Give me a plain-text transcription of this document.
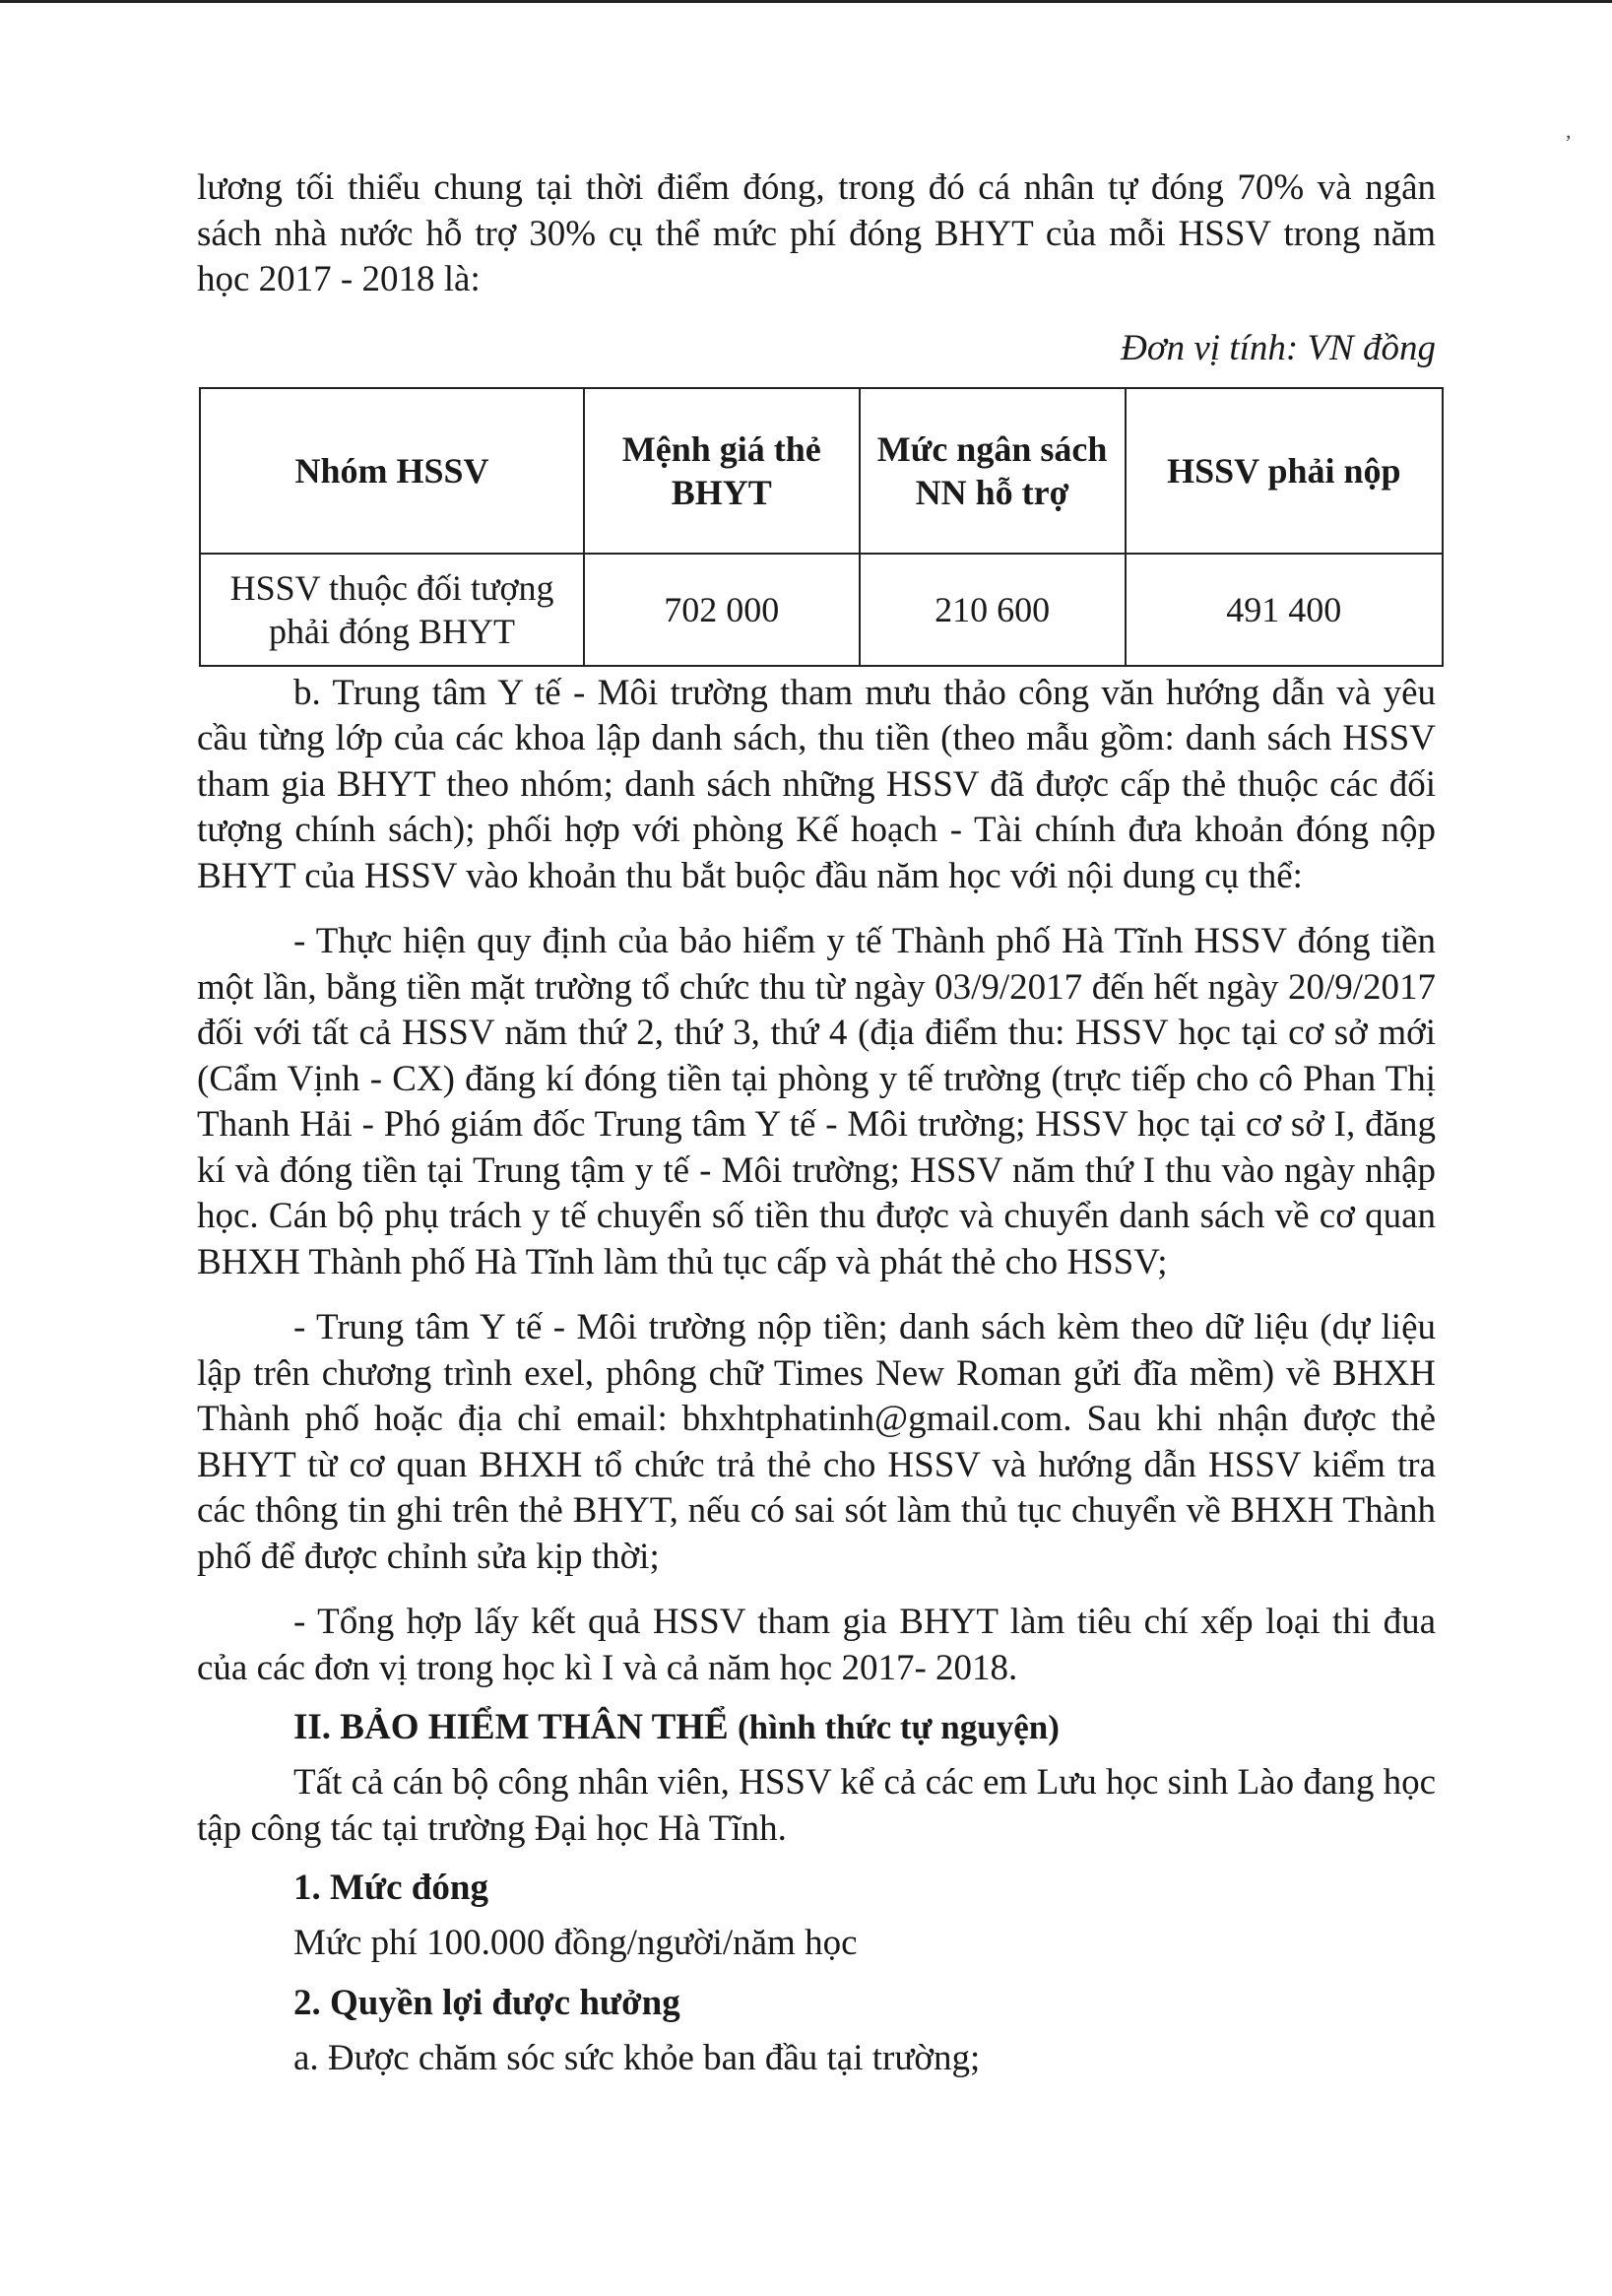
,

lương tối thiểu chung tại thời điểm đóng, trong đó cá nhân tự đóng 70% và ngân sách nhà nước hỗ trợ 30% cụ thể mức phí đóng BHYT của mỗi HSSV trong năm học 2017 - 2018 là:

Đơn vị tính: VN đồng

Nhóm HSSV	Mệnh giá thẻ BHYT	Mức ngân sách NN hỗ trợ	HSSV phải nộp
HSSV thuộc đối tượng phải đóng BHYT	702 000	210 600	491 400

b. Trung tâm Y tế - Môi trường tham mưu thảo công văn hướng dẫn và yêu cầu từng lớp của các khoa lập danh sách, thu tiền (theo mẫu gồm: danh sách HSSV tham gia BHYT theo nhóm; danh sách những HSSV đã được cấp thẻ thuộc các đối tượng chính sách); phối hợp với phòng Kế hoạch - Tài chính đưa khoản đóng nộp BHYT của HSSV vào khoản thu bắt buộc đầu năm học với nội dung cụ thể:

- Thực hiện quy định của bảo hiểm y tế Thành phố Hà Tĩnh HSSV đóng tiền một lần, bằng tiền mặt trường tổ chức thu từ ngày 03/9/2017 đến hết ngày 20/9/2017 đối với tất cả HSSV năm thứ 2, thứ 3, thứ 4 (địa điểm thu: HSSV học tại cơ sở mới (Cẩm Vịnh - CX) đăng kí đóng tiền tại phòng y tế trường (trực tiếp cho cô Phan Thị Thanh Hải - Phó giám đốc Trung tâm Y tế - Môi trường; HSSV học tại cơ sở I, đăng kí và đóng tiền tại Trung tậm y tế - Môi trường; HSSV năm thứ I thu vào ngày nhập học. Cán bộ phụ trách y tế chuyển số tiền thu được và chuyển danh sách về cơ quan BHXH Thành phố Hà Tĩnh làm thủ tục cấp và phát thẻ cho HSSV;

- Trung tâm Y tế - Môi trường nộp tiền; danh sách kèm theo dữ liệu (dự liệu lập trên chương trình exel, phông chữ Times New Roman gửi đĩa mềm) về BHXH Thành phố hoặc địa chỉ email: bhxhtphatinh@gmail.com. Sau khi nhận được thẻ BHYT từ cơ quan BHXH tổ chức trả thẻ cho HSSV và hướng dẫn HSSV kiểm tra các thông tin ghi trên thẻ BHYT, nếu có sai sót làm thủ tục chuyển về BHXH Thành phố để được chỉnh sửa kịp thời;

- Tổng hợp lấy kết quả HSSV tham gia BHYT làm tiêu chí xếp loại thi đua của các đơn vị trong học kì I và cả năm học 2017- 2018.

II. BẢO HIỂM THÂN THỂ (hình thức tự nguyện)

Tất cả cán bộ công nhân viên, HSSV kể cả các em Lưu học sinh Lào đang học tập công tác tại trường Đại học Hà Tĩnh.

1. Mức đóng

Mức phí 100.000 đồng/người/năm học

2. Quyền lợi được hưởng

a. Được chăm sóc sức khỏe ban đầu tại trường;
